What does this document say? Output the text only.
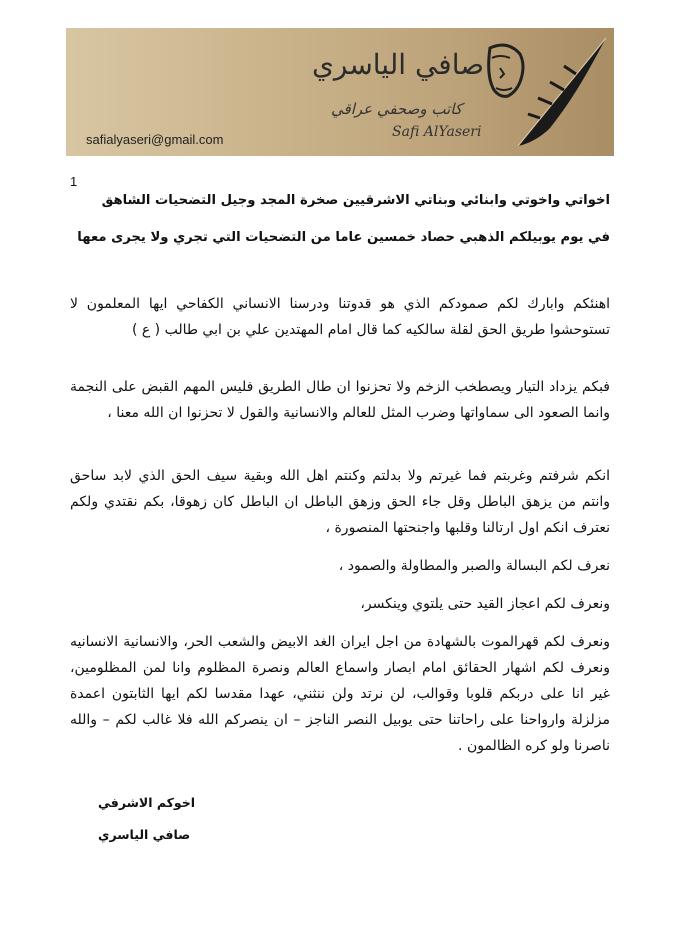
صافي الياسري
كاتب وصحفي عراقي
safialyaseri@gmail.com	Safi AlYaseri
1
اخواتي واخوتي وابنائي وبناتي الاشرقيين صخرة المجد وجيل التضحيات الشاهق
في يوم يوبيلكم الذهبي حصاد خمسين عاما من التضحيات التي تجري ولا يجرى معها
اهنئكم وابارك لكم صمودكم الذي هو قدوتنا ودرسنا الانساني الكفاحي ايها المعلمون لا تستوحشوا طريق الحق لقلة سالكيه كما قال امام المهتدين علي بن ابي طالب ( ع )
فبكم يزداد التيار ويصطخب الزخم ولا تحزنوا ان طال الطريق فليس المهم القبض على النجمة وانما الصعود الى سماواتها وضرب المثل للعالم والانسانية والقول لا تحزنوا ان الله معنا ،
انكم شرفتم وغربتم فما غيرتم ولا بدلتم وكنتم اهل الله وبقية سيف الحق الذي لابد ساحق وانتم من يزهق الباطل وقل جاء الحق وزهق الباطل ان الباطل كان زهوقا، بكم نقتدي ولكم نعترف انكم اول ارتالنا وقلبها واجنحتها المنصورة ،
نعرف لكم البسالة والصبر والمطاولة والصمود ،
ونعرف لكم اعجاز القيد حتى يلتوي وينكسر،
ونعرف لكم قهرالموت بالشهادة من اجل ايران الغد الابيض والشعب الحر، والانسانية الانسانيه ونعرف لكم اشهار الحقائق امام ابصار واسماع العالم ونصرة المظلوم وانا لمن المظلومين، غير انا على دربكم قلوبا وقوالب، لن نرتد ولن ننثني، عهدا مقدسا لكم ايها الثابتون اعمدة مزلزلة وارواحنا على راحاتنا حتى يوبيل النصر الناجز – ان ينصركم الله فلا غالب لكم – والله ناصرنا ولو كره الظالمون .
اخوكم الاشرفي
صافي الياسري
